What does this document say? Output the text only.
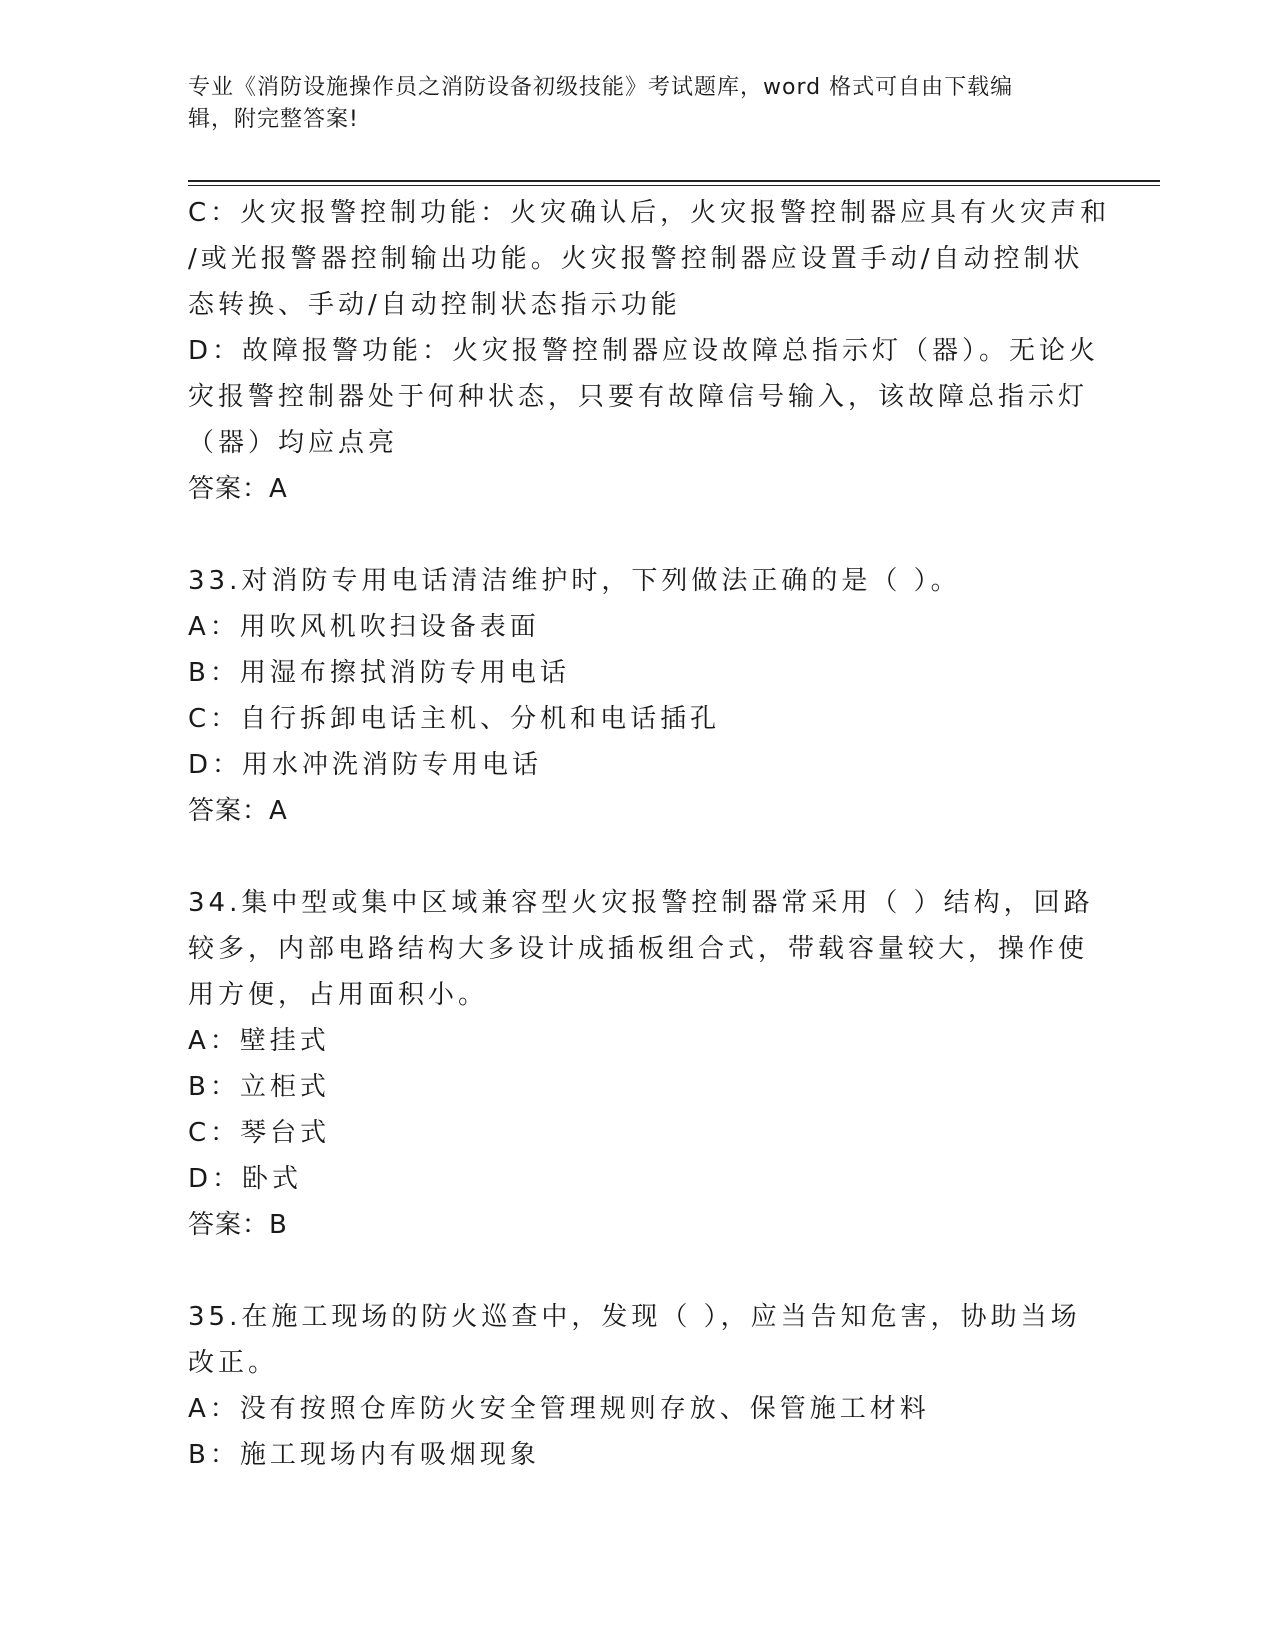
专业《消防设施操作员之消防设备初级技能》考试题库，word 格式可自由下载编
辑，附完整答案!
C：火灾报警控制功能：火灾确认后，火灾报警控制器应具有火灾声和
/或光报警器控制输出功能。火灾报警控制器应设置手动/自动控制状
态转换、手动/自动控制状态指示功能
D：故障报警功能：火灾报警控制器应设故障总指示灯（器）。无论火
灾报警控制器处于何种状态，只要有故障信号输入，该故障总指示灯
（器）均应点亮
答案：A
33.对消防专用电话清洁维护时，下列做法正确的是（ ）。
A：用吹风机吹扫设备表面
B：用湿布擦拭消防专用电话
C：自行拆卸电话主机、分机和电话插孔
D：用水冲洗消防专用电话
答案：A
34.集中型或集中区域兼容型火灾报警控制器常采用（ ）结构，回路
较多，内部电路结构大多设计成插板组合式，带载容量较大，操作使
用方便，占用面积小。
A：壁挂式
B：立柜式
C：琴台式
D：卧式
答案：B
35.在施工现场的防火巡查中，发现（ ），应当告知危害，协助当场
改正。
A：没有按照仓库防火安全管理规则存放、保管施工材料
B：施工现场内有吸烟现象
